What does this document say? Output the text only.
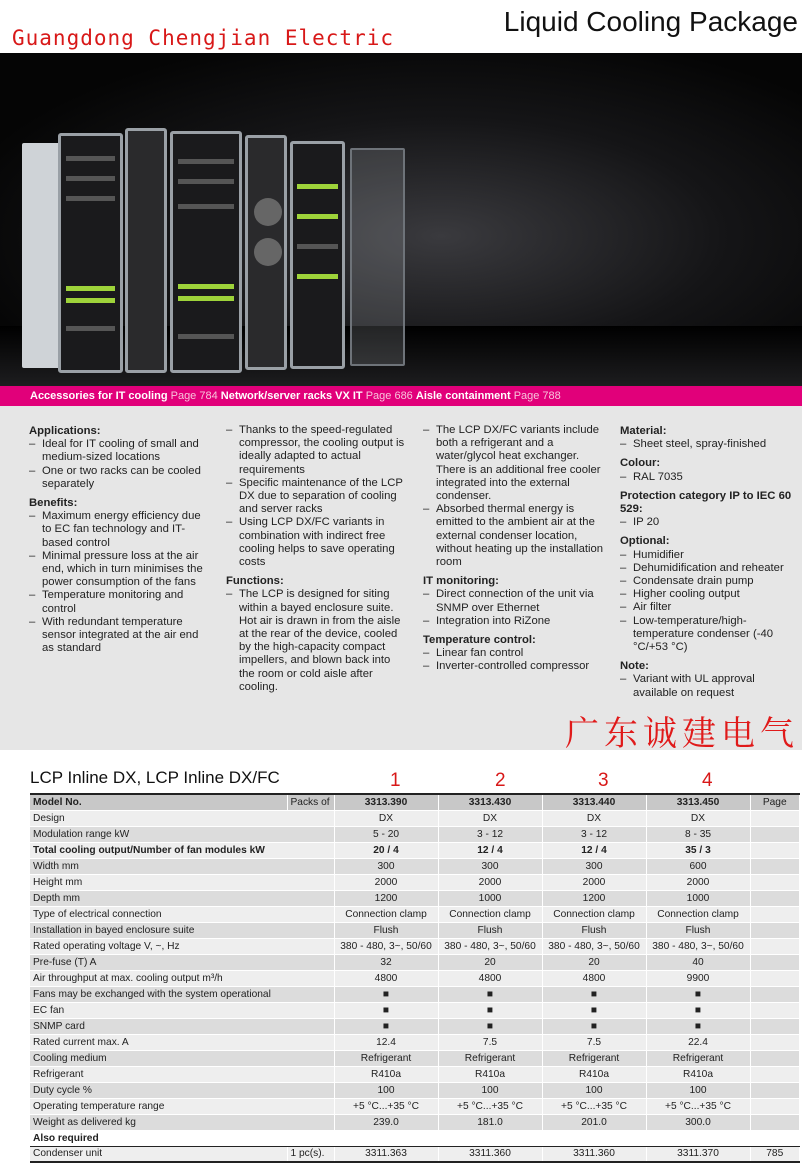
Guangdong Chengjian Electric
Liquid Cooling Package
Accessories for IT cooling Page 784 Network/server racks VX IT Page 686 Aisle containment Page 788
Applications:
– Ideal for IT cooling of small and medium-sized locations
– One or two racks can be cooled separately
Benefits:
– Maximum energy efficiency due to EC fan technology and IT-based control
– Minimal pressure loss at the air end, which in turn minimises the power consumption of the fans
– Temperature monitoring and control
– With redundant temperature sensor integrated at the air end as standard
– Thanks to the speed-regulated compressor, the cooling output is ideally adapted to actual requirements
– Specific maintenance of the LCP DX due to separation of cooling and server racks
– Using LCP DX/FC variants in combination with indirect free cooling helps to save operating costs
Functions:
– The LCP is designed for siting within a bayed enclosure suite. Hot air is drawn in from the aisle at the rear of the device, cooled by the high-capacity compact impellers, and blown back into the room or cold aisle after cooling.
– The LCP DX/FC variants include both a refrigerant and a water/glycol heat exchanger. There is an additional free cooler integrated into the external condenser.
– Absorbed thermal energy is emitted to the ambient air at the external condenser location, without heating up the installation room
IT monitoring:
– Direct connection of the unit via SNMP over Ethernet
– Integration into RiZone
Temperature control:
– Linear fan control
– Inverter-controlled compressor
Material:
– Sheet steel, spray-finished
Colour:
– RAL 7035
Protection category IP to IEC 60 529:
– IP 20
Optional:
– Humidifier
– Dehumidification and reheater
– Condensate drain pump
– Higher cooling output
– Air filter
– Low-temperature/high-temperature condenser (-40 °C/+53 °C)
Note:
– Variant with UL approval available on request
广东诚建电气
LCP Inline DX, LCP Inline DX/FC	1	2	3	4
Model No.	Packs of	3313.390	3313.430	3313.440	3313.450	Page
Design		DX	DX	DX	DX	
Modulation range kW		5 - 20	3 - 12	3 - 12	8 - 35	
Total cooling output/Number of fan modules kW		20 / 4	12 / 4	12 / 4	35 / 3	
Width mm		300	300	300	600	
Height mm		2000	2000	2000	2000	
Depth mm		1200	1000	1200	1000	
Type of electrical connection		Connection clamp	Connection clamp	Connection clamp	Connection clamp	
Installation in bayed enclosure suite		Flush	Flush	Flush	Flush	
Rated operating voltage V, ~, Hz		380 - 480, 3~, 50/60	380 - 480, 3~, 50/60	380 - 480, 3~, 50/60	380 - 480, 3~, 50/60	
Pre-fuse (T) A		32	20	20	40	
Air throughput at max. cooling output m³/h		4800	4800	4800	9900	
Fans may be exchanged with the system operational		■	■	■	■	
EC fan		■	■	■	■	
SNMP card		■	■	■	■	
Rated current max. A		12.4	7.5	7.5	22.4	
Cooling medium		Refrigerant	Refrigerant	Refrigerant	Refrigerant	
Refrigerant		R410a	R410a	R410a	R410a	
Duty cycle %		100	100	100	100	
Operating temperature range		+5 °C...+35 °C	+5 °C...+35 °C	+5 °C...+35 °C	+5 °C...+35 °C	
Weight as delivered kg		239.0	181.0	201.0	300.0	
Also required						
Condenser unit	1 pc(s).	3311.363	3311.360	3311.360	3311.370	785
